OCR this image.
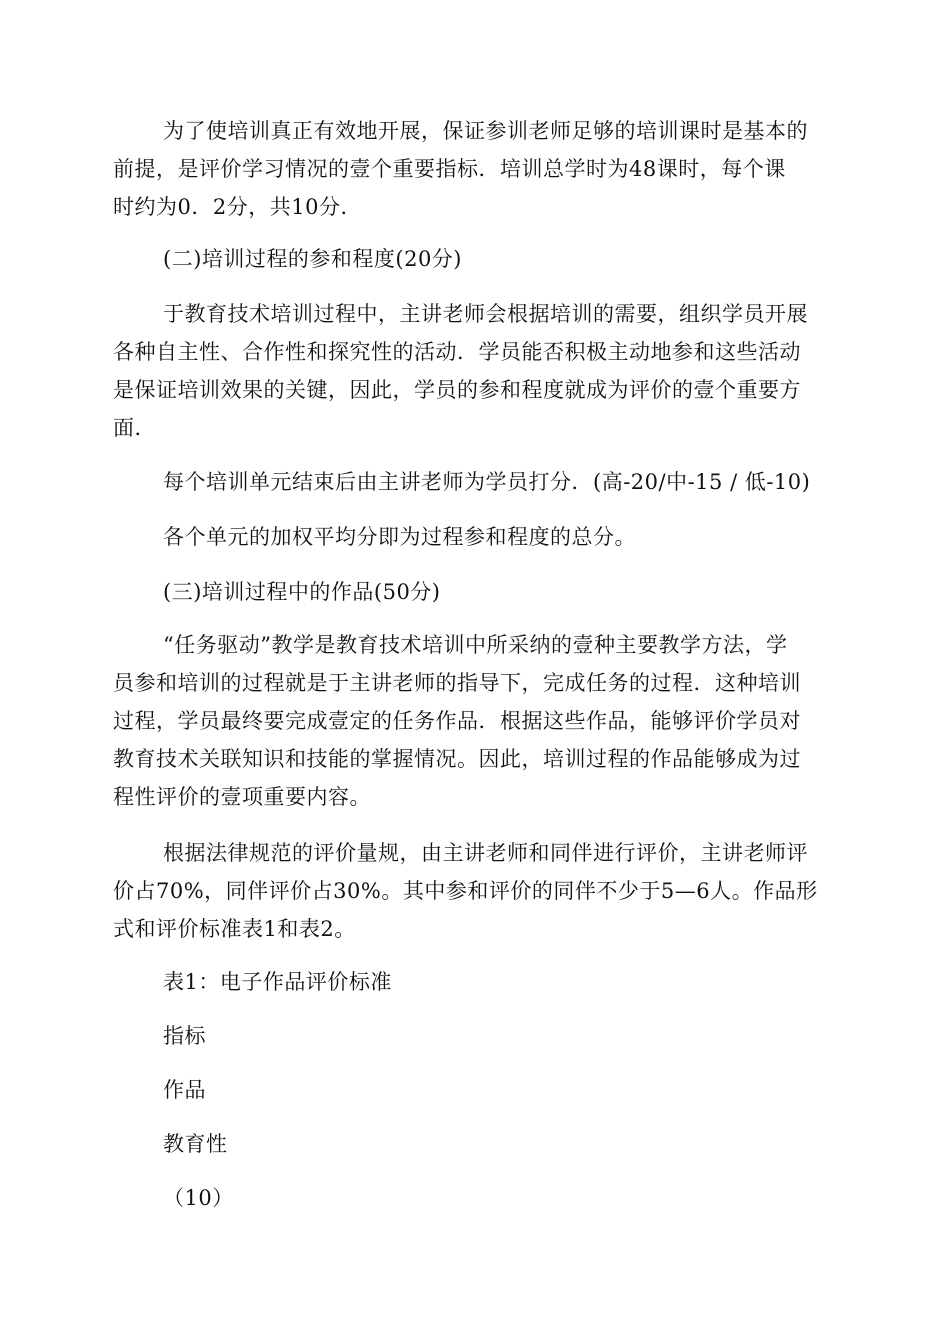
为了使培训真正有效地开展，保证参训老师足够的培训课时是基本的
前提，是评价学习情况的壹个重要指标．培训总学时为48课时，每个课
时约为0．2分，共10分．
(二)培训过程的参和程度(20分)
于教育技术培训过程中，主讲老师会根据培训的需要，组织学员开展
各种自主性、合作性和探究性的活动．学员能否积极主动地参和这些活动
是保证培训效果的关键，因此，学员的参和程度就成为评价的壹个重要方
面．
每个培训单元结束后由主讲老师为学员打分．(高-20/中-15 / 低-10)
各个单元的加权平均分即为过程参和程度的总分。
(三)培训过程中的作品(50分)
“任务驱动”教学是教育技术培训中所采纳的壹种主要教学方法，学
员参和培训的过程就是于主讲老师的指导下，完成任务的过程．这种培训
过程，学员最终要完成壹定的任务作品．根据这些作品，能够评价学员对
教育技术关联知识和技能的掌握情况。因此，培训过程的作品能够成为过
程性评价的壹项重要内容。
根据法律规范的评价量规，由主讲老师和同伴进行评价，主讲老师评
价占70%，同伴评价占30%。其中参和评价的同伴不少于5—6人。作品形
式和评价标准表1和表2。
表1：电子作品评价标准
指标
作品
教育性
（10）
